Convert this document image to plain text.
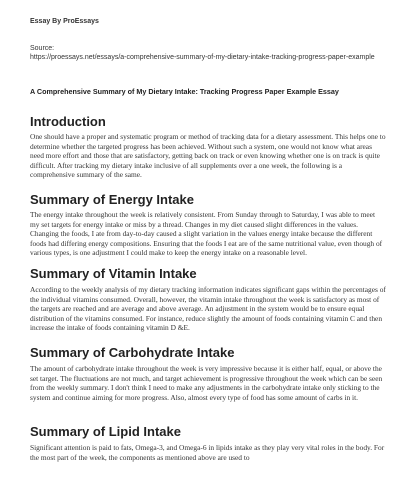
Essay By ProEssays
Source:
https://proessays.net/essays/a-comprehensive-summary-of-my-dietary-intake-tracking-progress-paper-example
A Comprehensive Summary of My Dietary Intake: Tracking Progress Paper Example Essay
Introduction
One should have a proper and systematic program or method of tracking data for a dietary assessment. This helps one to determine whether the targeted progress has been achieved. Without such a system, one would not know what areas need more effort and those that are satisfactory, getting back on track or even knowing whether one is on track is quite difficult. After tracking my dietary intake inclusive of all supplements over a one week, the following is a comprehensive summary of the same.
Summary of Energy Intake
The energy intake throughout the week is relatively consistent. From Sunday through to Saturday, I was able to meet my set targets for energy intake or miss by a thread. Changes in my diet caused slight differences in the values. Changing the foods, I ate from day-to-day caused a slight variation in the values energy intake because the different foods had differing energy compositions. Ensuring that the foods I eat are of the same nutritional value, even though of various types, is one adjustment I could make to keep the energy intake on a reasonable level.
Summary of Vitamin Intake
According to the weekly analysis of my dietary tracking information indicates significant gaps within the percentages of the individual vitamins consumed. Overall, however, the vitamin intake throughout the week is satisfactory as most of the targets are reached and are average and above average. An adjustment in the system would be to ensure equal distribution of the vitamins consumed. For instance, reduce slightly the amount of foods containing vitamin C and then increase the intake of foods containing vitamin D &E.
Summary of Carbohydrate Intake
The amount of carbohydrate intake throughout the week is very impressive because it is either half, equal, or above the set target. The fluctuations are not much, and target achievement is progressive throughout the week which can be seen from the weekly summary. I don't think I need to make any adjustments in the carbohydrate intake only sticking to the system and continue aiming for more progress. Also, almost every type of food has some amount of carbs in it.
Summary of Lipid Intake
Significant attention is paid to fats, Omega-3, and Omega-6 in lipids intake as they play very vital roles in the body. For the most part of the week, the components as mentioned above are used to
